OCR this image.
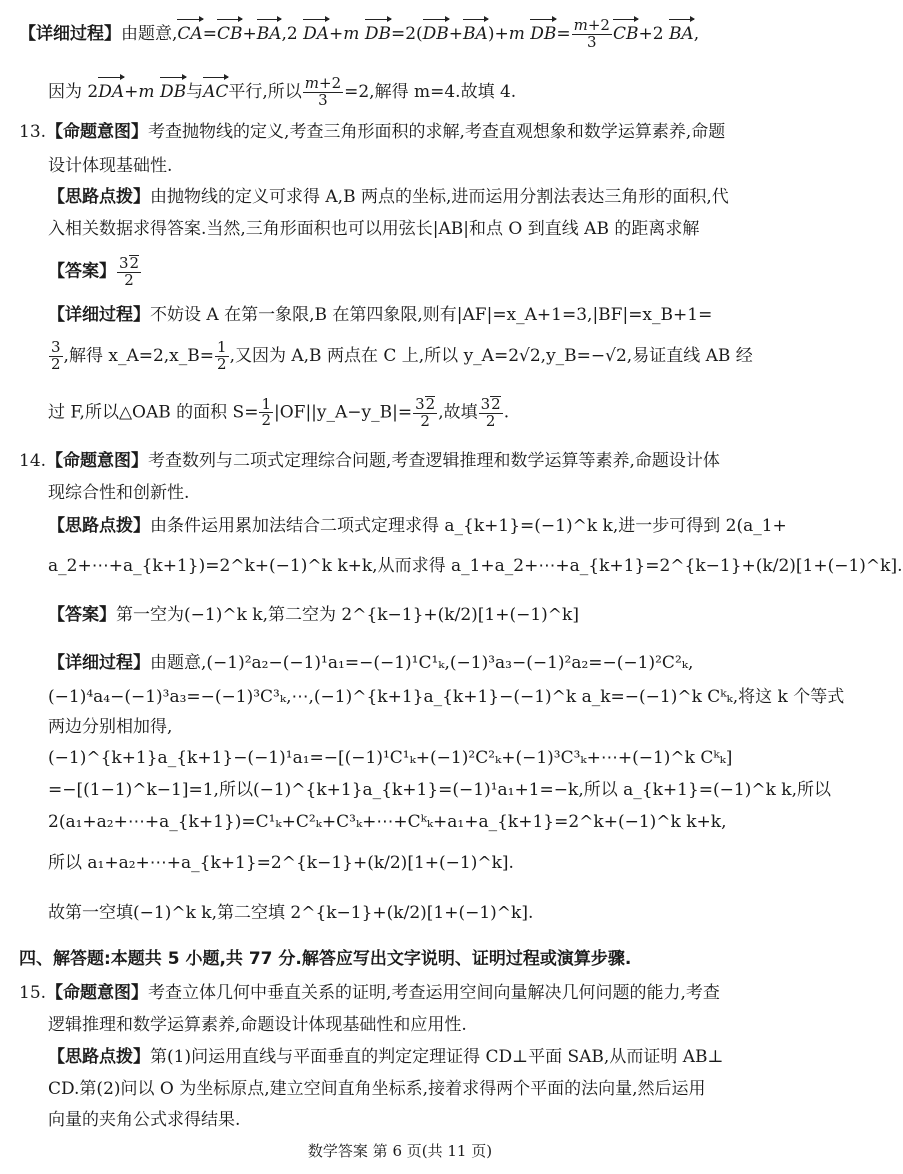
【详细过程】由题意,CA=CB+BA,2 DA+m DB=2(DB+BA)+m $DB= \frac{m+2}{3} CB+2$ BA,
因为 2DA+m DB与AC平行,所以 $\frac{m+2}{3} =2$,解得 m=4.故填 4.
13.【命题意图】考查抛物线的定义,考查三角形面积的求解,考查直观想象和数学运算素养,命题
设计体现基础性.
【思路点拨】由抛物线的定义可求得 A,B 两点的坐标,进而运用分割法表达三角形的面积,代
入相关数据求得答案.当然,三角形面积也可以用弦长|AB|和点 O 到直线 AB 的距离求解
【答案】 $\frac{32}{2}$
【详细过程】不妨设 A 在第一象限,B 在第四象限,则有|AF|=x_A+1=3,|BF|=x_B+1=
$\frac{3}{2}$ ,解得 x_A=2,x_B= $\frac{1}{2}$ ,又因为 A,B 两点在 C 上,所以 y_A=2√2,y_B=−√2,易证直线 AB 经
过 F,所以△OAB 的面积 $S= \frac{1}{2}$ |OF||y_A−y_B|= $\frac{32}{2}$ ,故填 $\frac{32}{2}$ .
14.【命题意图】考查数列与二项式定理综合问题,考查逻辑推理和数学运算等素养,命题设计体
现综合性和创新性.
【思路点拨】由条件运用累加法结合二项式定理求得 a_{k+1}=(−1)^k k,进一步可得到 2(a_1+
a_2+⋯+a_{k+1})=2^k+(−1)^k k+k,从而求得 a_1+a_2+⋯+a_{k+1}=2^{k−1}+(k/2)[1+(−1)^k].
【答案】第一空为(−1)^k k,第二空为 2^{k−1}+(k/2)[1+(−1)^k]
【详细过程】由题意,(−1)²a₂−(−1)¹a₁=−(−1)¹C¹ₖ,(−1)³a₃−(−1)²a₂=−(−1)²C²ₖ,
(−1)⁴a₄−(−1)³a₃=−(−1)³C³ₖ,⋯,(−1)^{k+1}a_{k+1}−(−1)^k a_k=−(−1)^k Cᵏₖ,将这 k 个等式
两边分别相加得,
(−1)^{k+1}a_{k+1}−(−1)¹a₁=−[(−1)¹C¹ₖ+(−1)²C²ₖ+(−1)³C³ₖ+⋯+(−1)^k Cᵏₖ]
=−[(1−1)^k−1]=1,所以(−1)^{k+1}a_{k+1}=(−1)¹a₁+1=−k,所以 a_{k+1}=(−1)^k k,所以
2(a₁+a₂+⋯+a_{k+1})=C¹ₖ+C²ₖ+C³ₖ+⋯+Cᵏₖ+a₁+a_{k+1}=2^k+(−1)^k k+k,
所以 a₁+a₂+⋯+a_{k+1}=2^{k−1}+(k/2)[1+(−1)^k].
故第一空填(−1)^k k,第二空填 2^{k−1}+(k/2)[1+(−1)^k].
四、解答题:本题共 5 小题,共 77 分.解答应写出文字说明、证明过程或演算步骤.
15.【命题意图】考查立体几何中垂直关系的证明,考查运用空间向量解决几何问题的能力,考查
逻辑推理和数学运算素养,命题设计体现基础性和应用性.
【思路点拨】第(1)问运用直线与平面垂直的判定定理证得 CD⊥平面 SAB,从而证明 AB⊥
CD.第(2)问以 O 为坐标原点,建立空间直角坐标系,接着求得两个平面的法向量,然后运用
向量的夹角公式求得结果.
数学答案 第 6 页(共 11 页)
